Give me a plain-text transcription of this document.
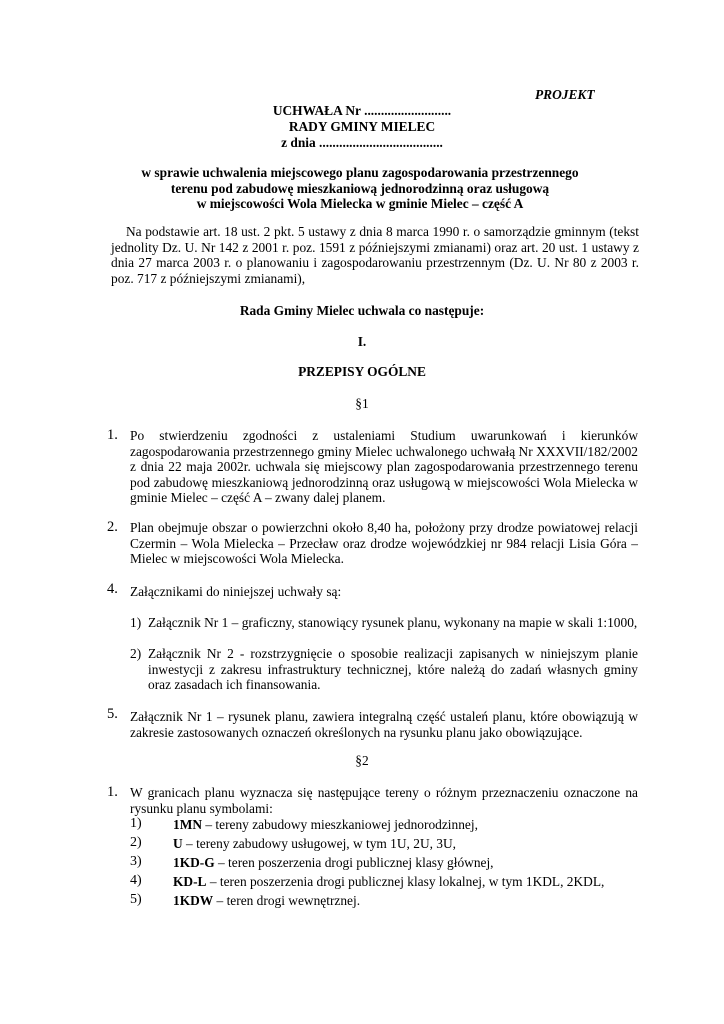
PROJEKT
UCHWAŁA Nr ..........................
RADY GMINY MIELEC
z dnia .....................................
w sprawie uchwalenia miejscowego planu zagospodarowania przestrzennego
terenu pod zabudowę mieszkaniową jednorodzinną oraz usługową
w miejscowości Wola Mielecka w gminie Mielec – część A
Na podstawie art. 18 ust. 2 pkt. 5 ustawy z dnia 8 marca 1990 r. o samorządzie gminnym (tekst jednolity Dz. U. Nr 142 z 2001 r. poz. 1591 z późniejszymi zmianami) oraz art. 20 ust. 1 ustawy z dnia 27 marca 2003 r. o planowaniu i zagospodarowaniu przestrzennym (Dz. U. Nr 80 z 2003 r. poz. 717 z późniejszymi zmianami),
Rada Gminy Mielec uchwala co następuje:
I.
PRZEPISY OGÓLNE
§1
1. Po stwierdzeniu zgodności z ustaleniami Studium uwarunkowań i kierunków zagospodarowania przestrzennego gminy Mielec uchwalonego uchwałą Nr XXXVII/182/2002 z dnia 22 maja 2002r. uchwala się miejscowy plan zagospodarowania przestrzennego terenu pod zabudowę mieszkaniową jednorodzinną oraz usługową w miejscowości Wola Mielecka w gminie Mielec – część A – zwany dalej planem.
2. Plan obejmuje obszar o powierzchni około 8,40 ha, położony przy drodze powiatowej relacji Czermin – Wola Mielecka – Przecław oraz drodze wojewódzkiej nr 984 relacji Lisia Góra – Mielec w miejscowości Wola Mielecka.
4. Załącznikami do niniejszej uchwały są:
1) Załącznik Nr 1 – graficzny, stanowiący rysunek planu, wykonany na mapie w skali 1:1000,
2) Załącznik Nr 2 - rozstrzygnięcie o sposobie realizacji zapisanych w niniejszym planie inwestycji z zakresu infrastruktury technicznej, które należą do zadań własnych gminy oraz zasadach ich finansowania.
5. Załącznik Nr 1 – rysunek planu, zawiera integralną część ustaleń planu, które obowiązują w zakresie zastosowanych oznaczeń określonych na rysunku planu jako obowiązujące.
§2
1. W granicach planu wyznacza się następujące tereny o różnym przeznaczeniu oznaczone na rysunku planu symbolami:
1)	1MN – tereny zabudowy mieszkaniowej jednorodzinnej,
2)	U – tereny zabudowy usługowej, w tym 1U, 2U, 3U,
3)	1KD-G – teren poszerzenia drogi publicznej klasy głównej,
4)	KD-L – teren poszerzenia drogi publicznej klasy lokalnej, w tym 1KDL, 2KDL,
5)	1KDW – teren drogi wewnętrznej.
